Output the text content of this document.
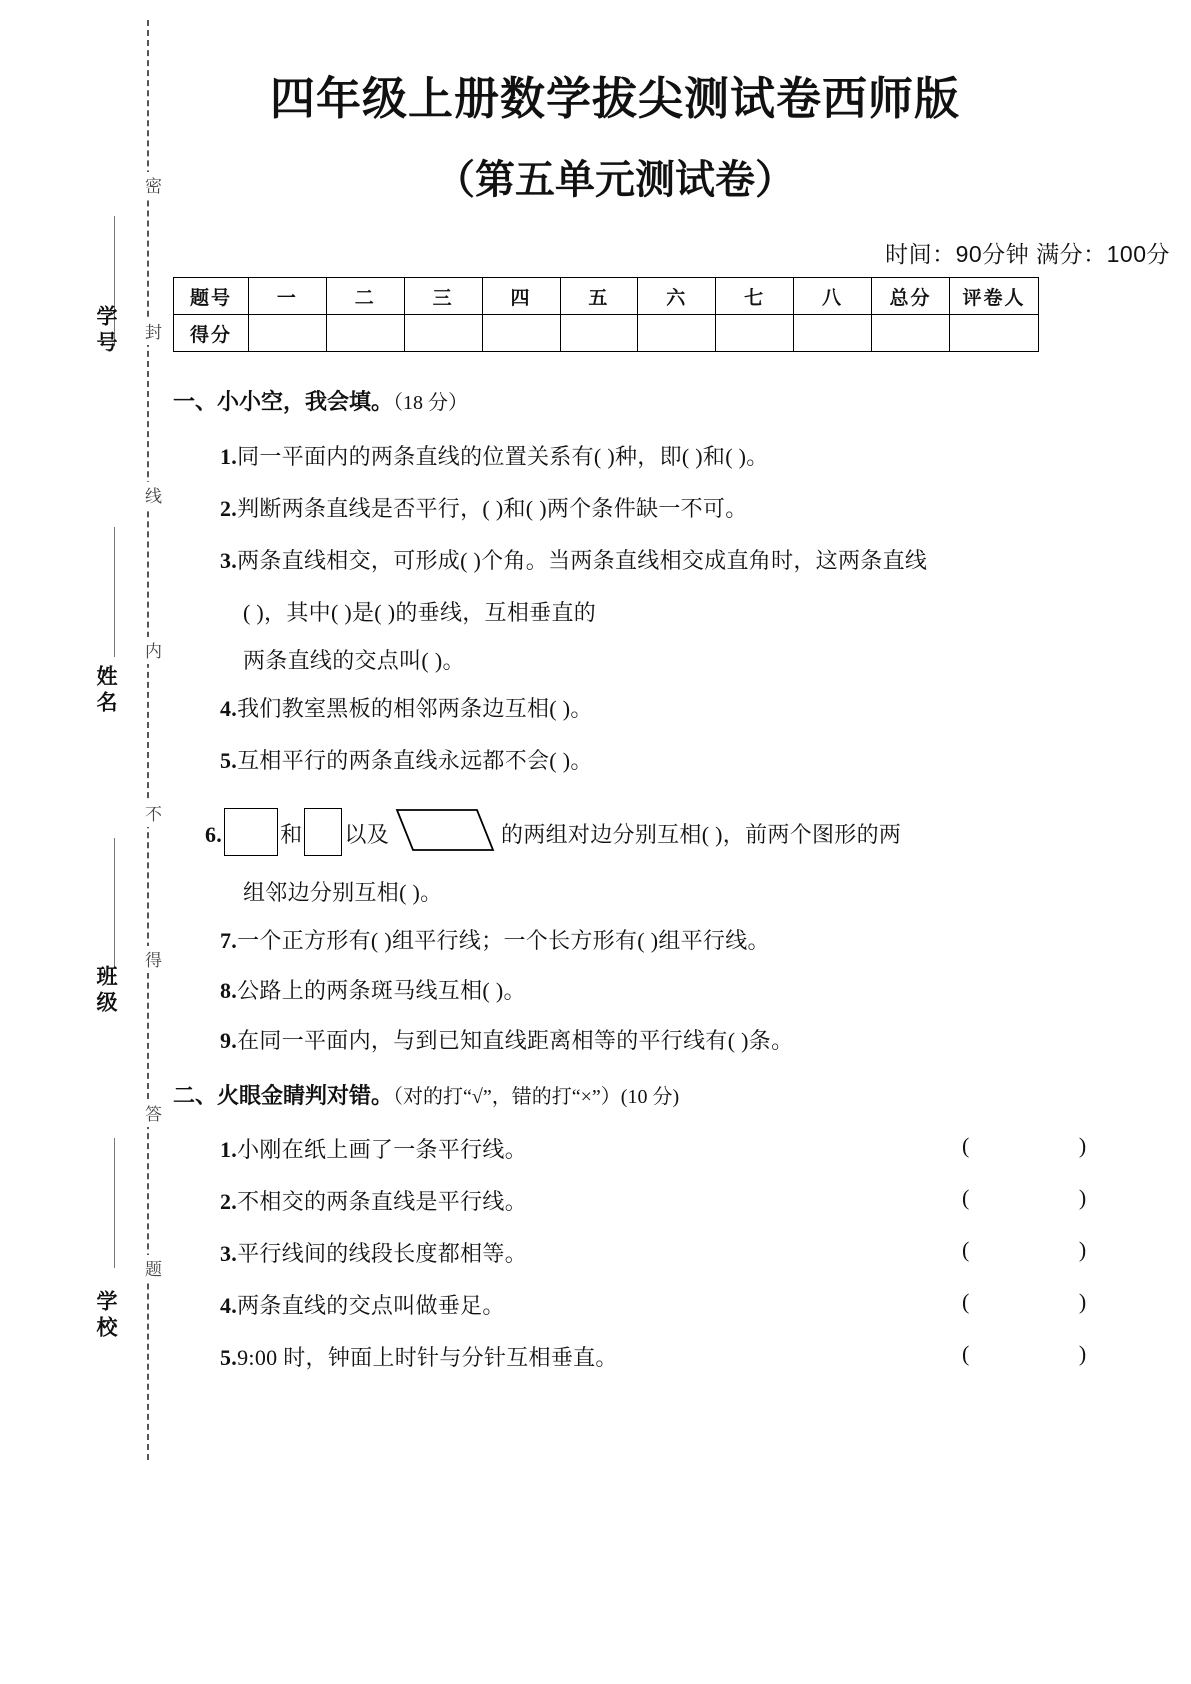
密
封
线
内
不
得
答
题
学号
姓名
班级
学校
四年级上册数学拔尖测试卷西师版
（第五单元测试卷）
时间：90分钟 满分：100分
题号	一	二	三	四	五	六	七	八	总分	评卷人
得分										
一、小小空，我会填。（18 分）
1.同一平面内的两条直线的位置关系有( )种，即( )和( )。
2.判断两条直线是否平行，( )和( )两个条件缺一不可。
3.两条直线相交，可形成( )个角。当两条直线相交成直角时，这两条直线
( )，其中( )是( )的垂线，互相垂直的
两条直线的交点叫( )。
4.我们教室黑板的相邻两条边互相( )。
5.互相平行的两条直线永远都不会( )。
6.	和 以及	的两组对边分别互相( )，前两个图形的两
组邻边分别互相( )。
7.一个正方形有( )组平行线；一个长方形有( )组平行线。
8.公路上的两条斑马线互相( )。
9.在同一平面内，与到已知直线距离相等的平行线有( )条。
二、火眼金睛判对错。（对的打“√”，错的打“×”）(10 分)
1.小刚在纸上画了一条平行线。	( )
2.不相交的两条直线是平行线。	( )
3.平行线间的线段长度都相等。	( )
4.两条直线的交点叫做垂足。	( )
5.9:00 时，钟面上时针与分针互相垂直。	( )
